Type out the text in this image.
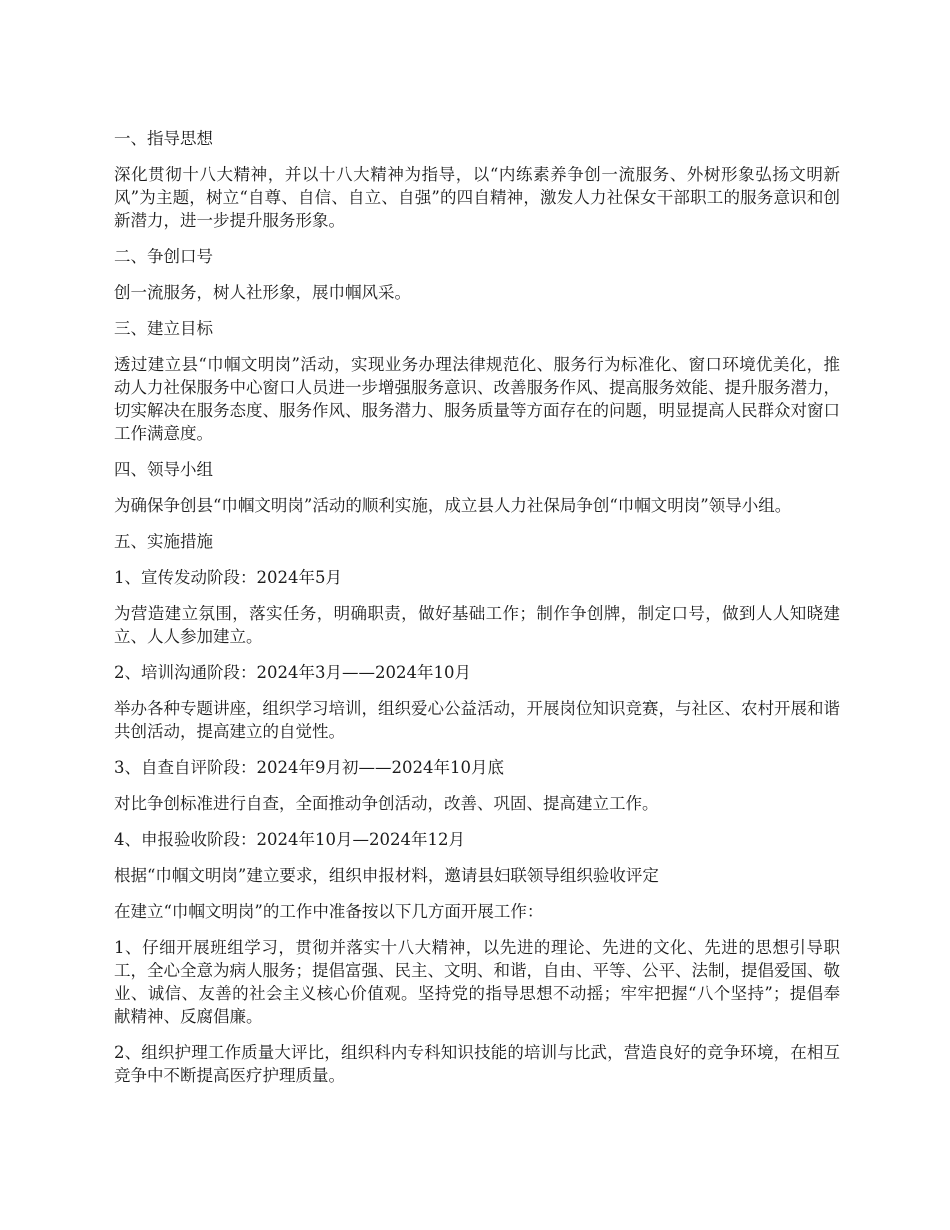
一、指导思想

深化贯彻十八大精神，并以十八大精神为指导，以“内练素养争创一流服务、外树形象弘扬文明新风”为主题，树立“自尊、自信、自立、自强”的四自精神，激发人力社保女干部职工的服务意识和创新潜力，进一步提升服务形象。

二、争创口号

创一流服务，树人社形象，展巾帼风采。

三、建立目标

透过建立县“巾帼文明岗”活动，实现业务办理法律规范化、服务行为标准化、窗口环境优美化，推动人力社保服务中心窗口人员进一步增强服务意识、改善服务作风、提高服务效能、提升服务潜力，切实解决在服务态度、服务作风、服务潜力、服务质量等方面存在的问题，明显提高人民群众对窗口工作满意度。

四、领导小组

为确保争创县“巾帼文明岗”活动的顺利实施，成立县人力社保局争创“巾帼文明岗”领导小组。

五、实施措施

1、宣传发动阶段：2024年5月

为营造建立氛围，落实任务，明确职责，做好基础工作；制作争创牌，制定口号，做到人人知晓建立、人人参加建立。

2、培训沟通阶段：2024年3月——2024年10月

举办各种专题讲座，组织学习培训，组织爱心公益活动，开展岗位知识竞赛，与社区、农村开展和谐共创活动，提高建立的自觉性。

3、自查自评阶段：2024年9月初——2024年10月底

对比争创标准进行自查，全面推动争创活动，改善、巩固、提高建立工作。

4、申报验收阶段：2024年10月—2024年12月

根据“巾帼文明岗”建立要求，组织申报材料，邀请县妇联领导组织验收评定

在建立“巾帼文明岗”的工作中准备按以下几方面开展工作：

1、仔细开展班组学习，贯彻并落实十八大精神，以先进的理论、先进的文化、先进的思想引导职工，全心全意为病人服务；提倡富强、民主、文明、和谐，自由、平等、公平、法制，提倡爱国、敬业、诚信、友善的社会主义核心价值观。坚持党的指导思想不动摇；牢牢把握“八个坚持”；提倡奉献精神、反腐倡廉。

2、组织护理工作质量大评比，组织科内专科知识技能的培训与比武，营造良好的竞争环境，在相互竞争中不断提高医疗护理质量。
